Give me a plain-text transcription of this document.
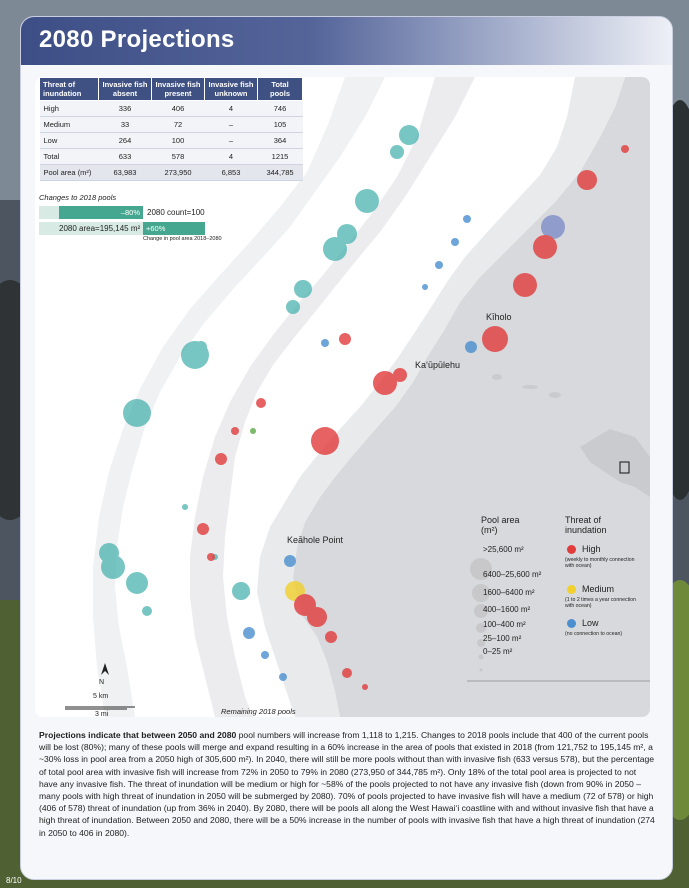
2080 Projections
Kīholo
Ka‘ūpūlehu
Keāhole Point
N
5 km
3 mi	Remaining 2018 pools
Threat of inundation	Invasive fish absent	Invasive fish present	Invasive fish unknown	Total pools
High	336	406	4	746
Medium	33	72	–	105
Low	264	100	–	364
Total	633	578	4	1215
Pool area (m²)	63,983	273,950	6,853	344,785
Changes to 2018 pools
–80% 2080 count=100
2080 area=195,145 m² +60%
Change in pool area 2018–2080
Pool area (m²)
>25,600 m²
6400–25,600 m²
1600–6400 m²
400–1600 m²
100–400 m²
25–100 m²
0–25 m²
Threat of inundation
High
(weekly to monthly connection with ocean)
Medium
(1 to 2 times a year connection with ocean)
Low
(no connection to ocean)
Projections indicate that between 2050 and 2080 pool numbers will increase from 1,118 to 1,215. Changes to 2018 pools include that 400 of the current pools will be lost (80%); many of these pools will merge and expand resulting in a 60% increase in the area of pools that existed in 2018 (from 121,752 to 195,145 m², a ~30% loss in pool area from a 2050 high of 305,600 m²). In 2040, there will still be more pools without than with invasive fish (633 versus 578), but the percentage of total pool area with invasive fish will increase from 72% in 2050 to 79% in 2080 (273,950 of 344,785 m²). Only 18% of the total pool area is projected to not have any invasive fish. The threat of inundation will be medium or high for ~58% of the pools projected to not have any invasive fish (down from 90% in 2050 – many pools with high threat of inundation in 2050 will be submerged by 2080). 70% of pools projected to have invasive fish will have a medium (72 of 578) or high (406 of 578) threat of inundation (up from 36% in 2040). By 2080, there will be pools all along the West Hawai‘i coastline with and without invasive fish that have a high threat of inundation. Between 2050 and 2080, there will be a 50% increase in the number of pools with invasive fish that have a high threat of inundation (274 in 2050 to 406 in 2080).
8/10
